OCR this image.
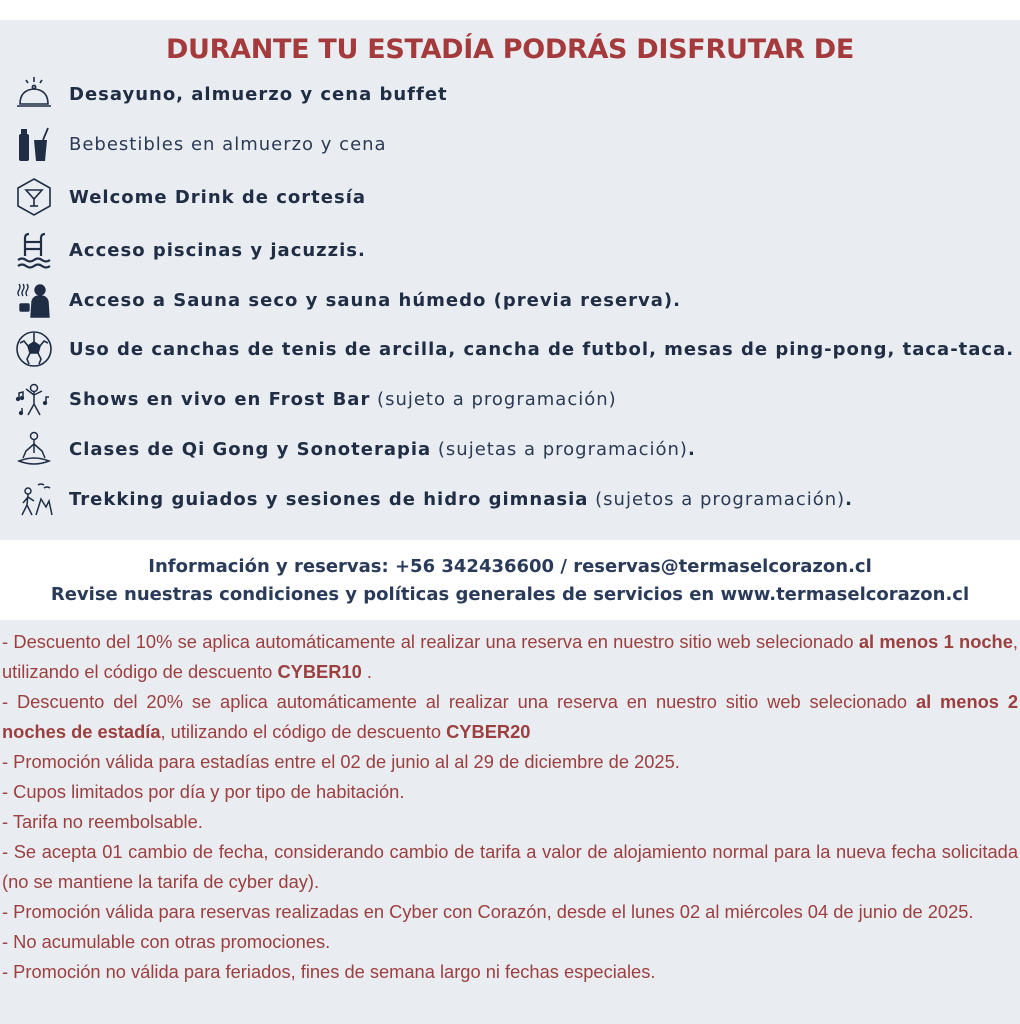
DURANTE TU ESTADÍA PODRÁS DISFRUTAR DE
Desayuno, almuerzo y cena buffet
Bebestibles en almuerzo y cena
Welcome Drink de cortesía
Acceso piscinas y jacuzzis.
Acceso a Sauna seco y sauna húmedo (previa reserva).
Uso de canchas de tenis de arcilla, cancha de futbol, mesas de ping-pong, taca-taca.
Shows en vivo en Frost Bar (sujeto a programación)
Clases de Qi Gong y Sonoterapia (sujetas a programación).
Trekking guiados y sesiones de hidro gimnasia (sujetos a programación).
Información y reservas: +56 342436600 / reservas@termaselcorazon.cl
Revise nuestras condiciones y políticas generales de servicios en www.termaselcorazon.cl

- Descuento del 10% se aplica automáticamente al realizar una reserva en nuestro sitio web selecionado al menos 1 noche, utilizando el código de descuento CYBER10 .

- Descuento del 20% se aplica automáticamente al realizar una reserva en nuestro sitio web selecionado al menos 2 noches de estadía, utilizando el código de descuento CYBER20

- Promoción válida para estadías entre el 02 de junio al al 29 de diciembre de 2025.

- Cupos limitados por día y por tipo de habitación.

- Tarifa no reembolsable.

- Se acepta 01 cambio de fecha, considerando cambio de tarifa a valor de alojamiento normal para la nueva fecha solicitada (no se mantiene la tarifa de cyber day).

- Promoción válida para reservas realizadas en Cyber con Corazón, desde el lunes 02 al miércoles 04 de junio de 2025.

- No acumulable con otras promociones.

- Promoción no válida para feriados, fines de semana largo ni fechas especiales.
